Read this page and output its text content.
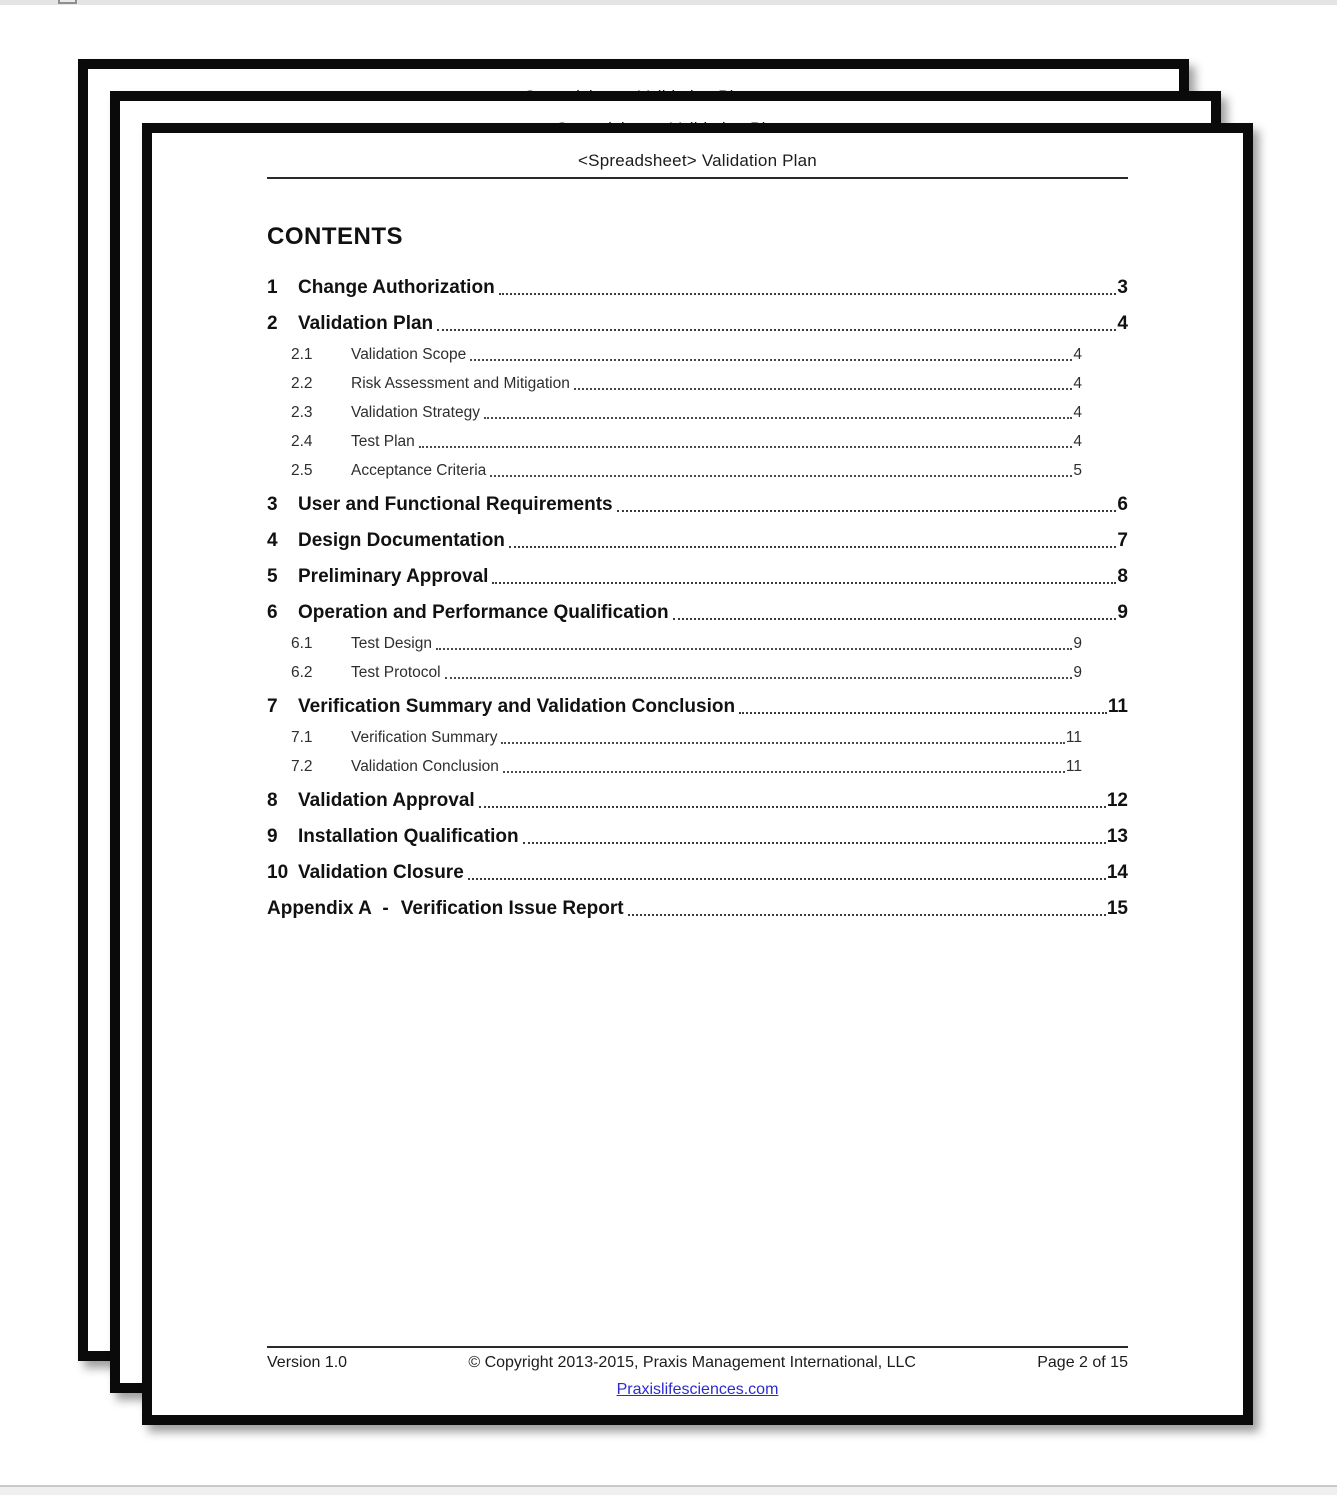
<Spreadsheet> Validation Plan
CONTENTS
1	Change Authorization	3
2	Validation Plan	4
2.1	Validation Scope	4
2.2	Risk Assessment and Mitigation	4
2.3	Validation Strategy	4
2.4	Test Plan	4
2.5	Acceptance Criteria	5
3	User and Functional Requirements	6
4	Design Documentation	7
5	Preliminary Approval	8
6	Operation and Performance Qualification	9
6.1	Test Design	9
6.2	Test Protocol	9
7	Verification Summary and Validation Conclusion	11
7.1	Verification Summary	11
7.2	Validation Conclusion	11
8	Validation Approval	12
9	Installation Qualification	13
10 Validation Closure	14
Appendix A  - Verification Issue Report	15
Version 1.0	© Copyright 2013-2015, Praxis Management International, LLC	Page 2 of 15
Praxislifesciences.com
